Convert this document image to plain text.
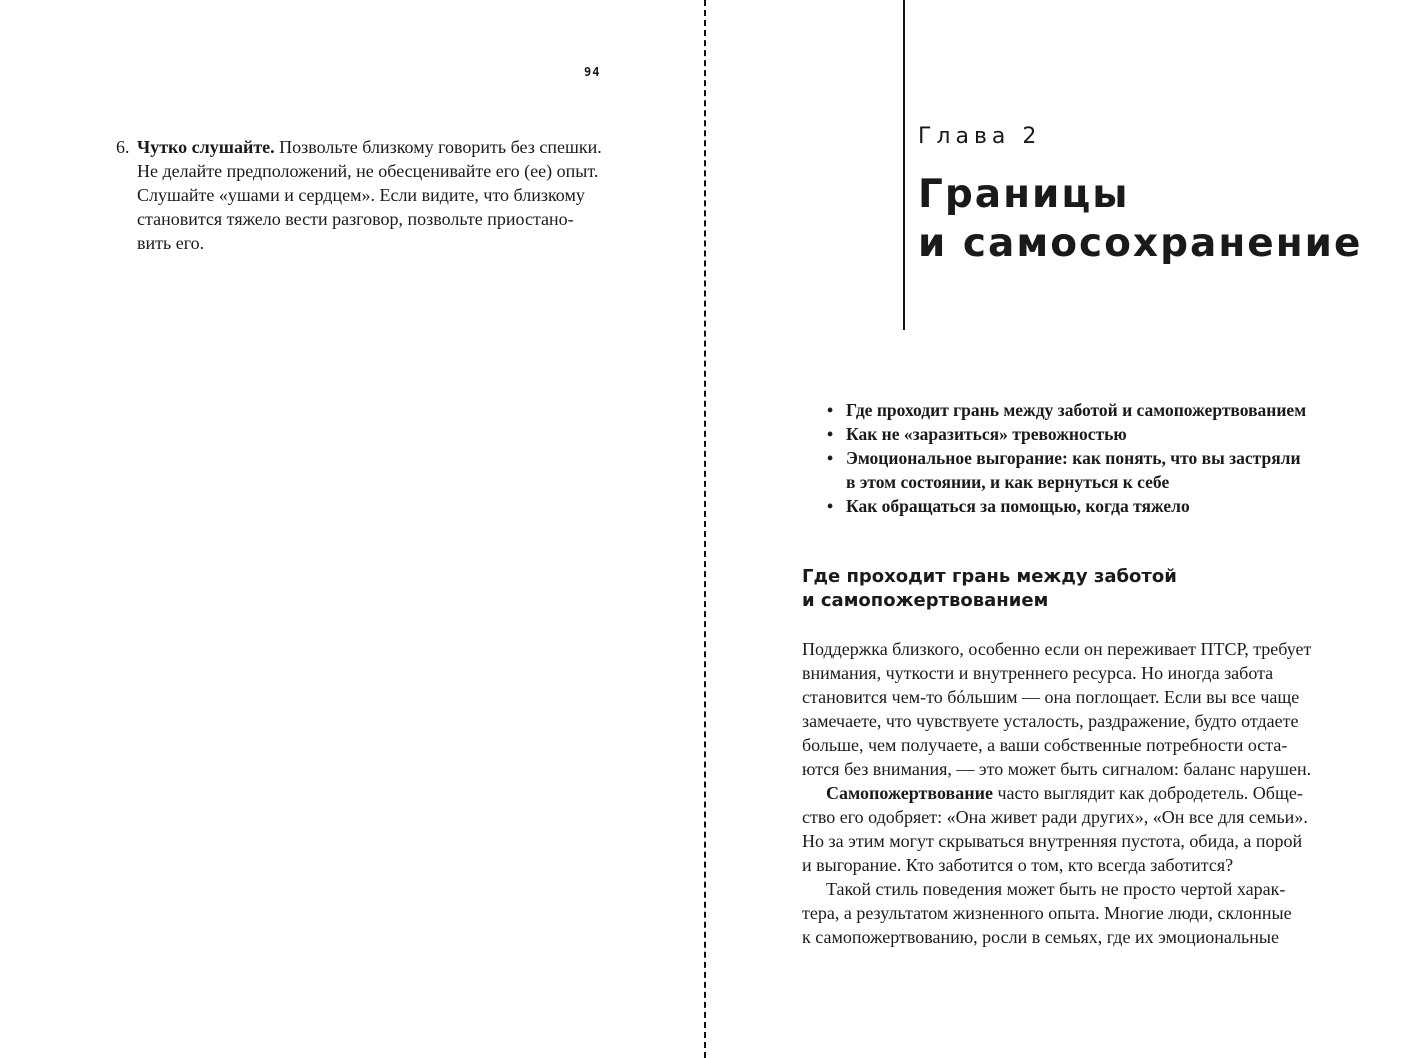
94
6. Чутко слушайте. Позвольте близкому говорить без спешки.
Не делайте предположений, не обесценивайте его (ее) опыт.
Слушайте «ушами и сердцем». Если видите, что близкому
становится тяжело вести разговор, позвольте приостано-
вить его.
Глава 2
Границы
и самосохранение
• Где проходит грань между заботой и самопожертвованием
• Как не «заразиться» тревожностью
• Эмоциональное выгорание: как понять, что вы застряли
в этом состоянии, и как вернуться к себе
• Как обращаться за помощью, когда тяжело
Где проходит грань между заботой
и самопожертвованием
Поддержка близкого, особенно если он переживает ПТСР, требует
внимания, чуткости и внутреннего ресурса. Но иногда забота
становится чем-то бóльшим — она поглощает. Если вы все чаще
замечаете, что чувствуете усталость, раздражение, будто отдаете
больше, чем получаете, а ваши собственные потребности оста-
ются без внимания, — это может быть сигналом: баланс нарушен.
Самопожертвование часто выглядит как добродетель. Обще-
ство его одобряет: «Она живет ради других», «Он все для семьи».
Но за этим могут скрываться внутренняя пустота, обида, а порой
и выгорание. Кто заботится о том, кто всегда заботится?
Такой стиль поведения может быть не просто чертой харак-
тера, а результатом жизненного опыта. Многие люди, склонные
к самопожертвованию, росли в семьях, где их эмоциональные
